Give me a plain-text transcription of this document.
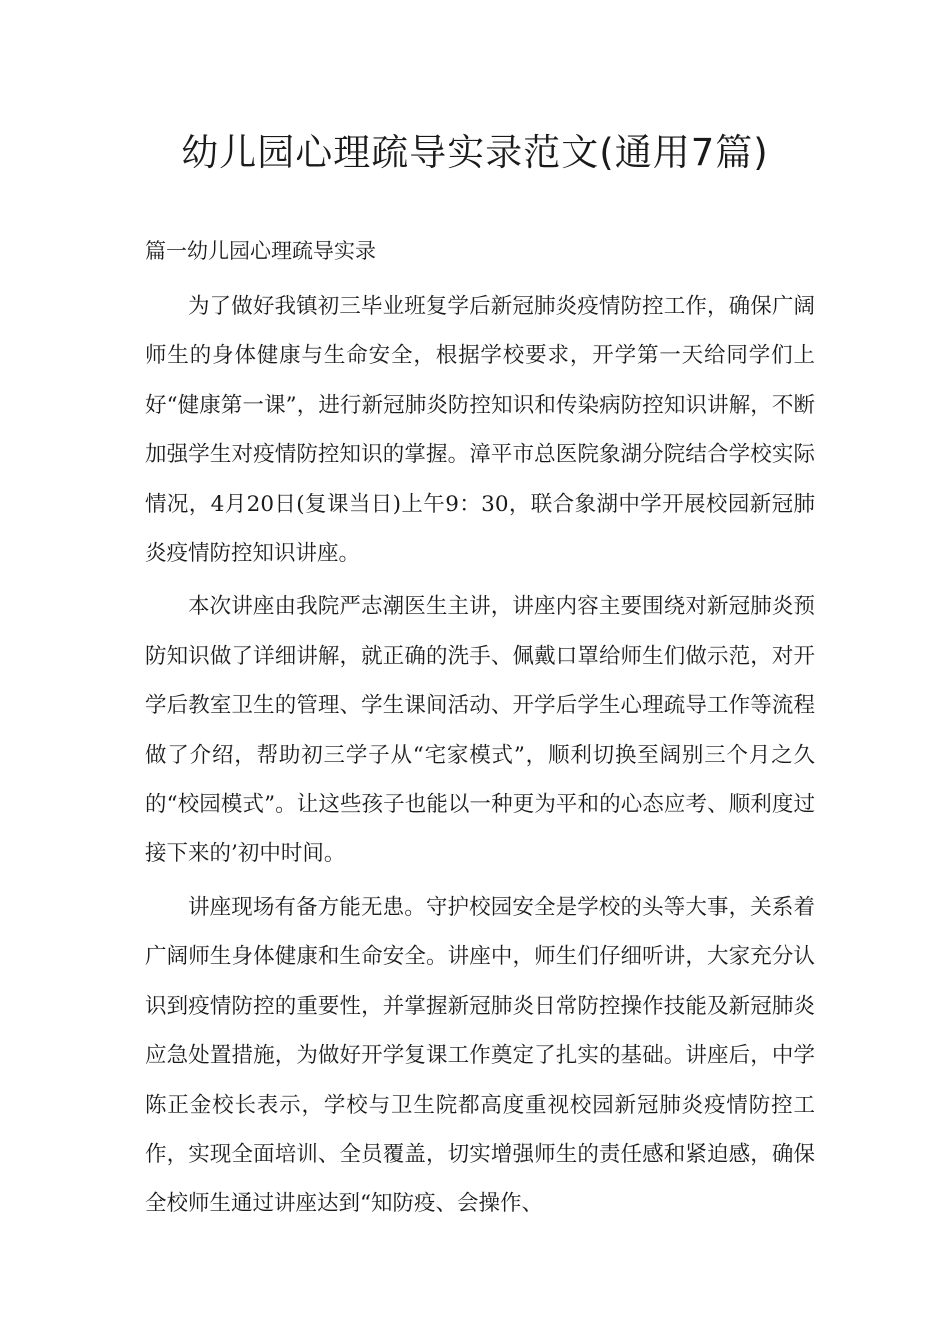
幼儿园心理疏导实录范文(通用7篇)
篇一幼儿园心理疏导实录

为了做好我镇初三毕业班复学后新冠肺炎疫情防控工作，确保广阔师生的身体健康与生命安全，根据学校要求，开学第一天给同学们上好“健康第一课”，进行新冠肺炎防控知识和传染病防控知识讲解，不断加强学生对疫情防控知识的掌握。漳平市总医院象湖分院结合学校实际情况，4月20日(复课当日)上午9：30，联合象湖中学开展校园新冠肺炎疫情防控知识讲座。

本次讲座由我院严志潮医生主讲，讲座内容主要围绕对新冠肺炎预防知识做了详细讲解，就正确的洗手、佩戴口罩给师生们做示范，对开学后教室卫生的管理、学生课间活动、开学后学生心理疏导工作等流程做了介绍，帮助初三学子从“宅家模式”，顺利切换至阔别三个月之久的“校园模式”。让这些孩子也能以一种更为平和的心态应考、顺利度过接下来的’初中时间。

讲座现场有备方能无患。守护校园安全是学校的头等大事，关系着广阔师生身体健康和生命安全。讲座中，师生们仔细听讲，大家充分认识到疫情防控的重要性，并掌握新冠肺炎日常防控操作技能及新冠肺炎应急处置措施，为做好开学复课工作奠定了扎实的基础。讲座后，中学陈正金校长表示，学校与卫生院都高度重视校园新冠肺炎疫情防控工作，实现全面培训、全员覆盖，切实增强师生的责任感和紧迫感，确保全校师生通过讲座达到“知防疫、会操作、
